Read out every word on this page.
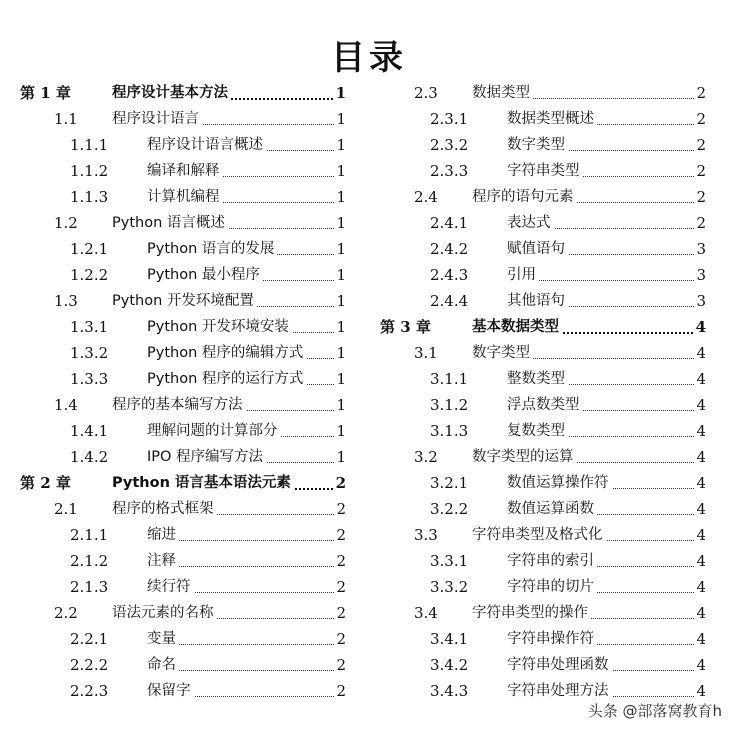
目录
第 1 章	程序设计基本方法	1
1.1 程序设计语言	1
1.1.1	程序设计语言概述	1
1.1.2	编译和解释	1
1.1.3	计算机编程	1
1.2 Python 语言概述	1
1.2.1	Python 语言的发展	1
1.2.2	Python 最小程序	1
1.3 Python 开发环境配置	1
1.3.1	Python 开发环境安装	1
1.3.2	Python 程序的编辑方式 1
1.3.3	Python 程序的运行方式 1
1.4 程序的基本编写方法	1
1.4.1	理解问题的计算部分	1
1.4.2	IPO 程序编写方法	1
第 2 章	Python 语言基本语法元素	2
2.1 程序的格式框架	2
2.1.1	缩进	2
2.1.2	注释	2
2.1.3	续行符	2
2.2 语法元素的名称	2
2.2.1	变量	2
2.2.2	命名	2
2.2.3	保留字	2
2.3 数据类型	2
2.3.1	数据类型概述	2
2.3.2	数字类型	2
2.3.3	字符串类型	2
2.4 程序的语句元素	2
2.4.1	表达式	2
2.4.2	赋值语句	3
2.4.3	引用	3
2.4.4	其他语句	3
第 3 章	基本数据类型	4
3.1 数字类型	4
3.1.1	整数类型	4
3.1.2	浮点数类型	4
3.1.3	复数类型	4
3.2 数字类型的运算	4
3.2.1	数值运算操作符	4
3.2.2	数值运算函数	4
3.3 字符串类型及格式化	4
3.3.1	字符串的索引	4
3.3.2	字符串的切片	4
3.4 字符串类型的操作	4
3.4.1	字符串操作符	4
3.4.2	字符串处理函数	4
3.4.3	字符串处理方法	4
头条 @部落窝教育h
